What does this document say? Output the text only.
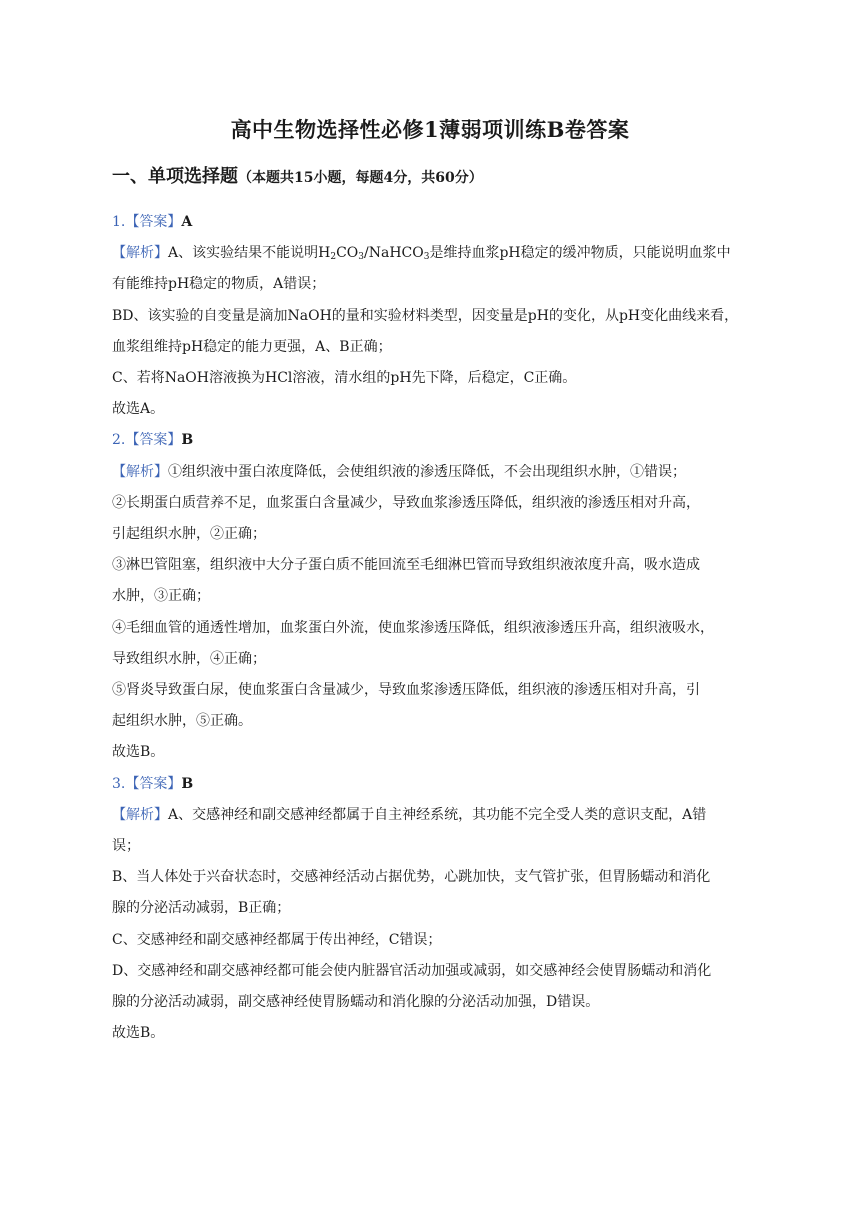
高中生物选择性必修1薄弱项训练B卷答案
一、单项选择题（本题共15小题，每题4分，共60分）
1.【答案】A
【解析】A、该实验结果不能说明$H_2CO_3/NaHCO_3$是维持血浆pH稳定的缓冲物质，只能说明血浆中
有能维持pH稳定的物质，A错误；
BD、该实验的自变量是滴加NaOH的量和实验材料类型，因变量是pH的变化，从pH变化曲线来看，
血浆组维持pH稳定的能力更强，A、B正确；
C、若将NaOH溶液换为HCl溶液，清水组的pH先下降，后稳定，C正确。
故选A。
2.【答案】B
【解析】①组织液中蛋白浓度降低，会使组织液的渗透压降低，不会出现组织水肿，①错误；
②长期蛋白质营养不足，血浆蛋白含量减少，导致血浆渗透压降低，组织液的渗透压相对升高，
引起组织水肿，②正确；
③淋巴管阻塞，组织液中大分子蛋白质不能回流至毛细淋巴管而导致组织液浓度升高，吸水造成
水肿，③正确；
④毛细血管的通透性增加，血浆蛋白外流，使血浆渗透压降低，组织液渗透压升高，组织液吸水，
导致组织水肿，④正确；
⑤肾炎导致蛋白尿，使血浆蛋白含量减少，导致血浆渗透压降低，组织液的渗透压相对升高，引
起组织水肿，⑤正确。
故选B。
3.【答案】B
【解析】A、交感神经和副交感神经都属于自主神经系统，其功能不完全受人类的意识支配，A错
误；
B、当人体处于兴奋状态时，交感神经活动占据优势，心跳加快，支气管扩张，但胃肠蠕动和消化
腺的分泌活动减弱，B正确；
C、交感神经和副交感神经都属于传出神经，C错误；
D、交感神经和副交感神经都可能会使内脏器官活动加强或减弱，如交感神经会使胃肠蠕动和消化
腺的分泌活动减弱，副交感神经使胃肠蠕动和消化腺的分泌活动加强，D错误。
故选B。
